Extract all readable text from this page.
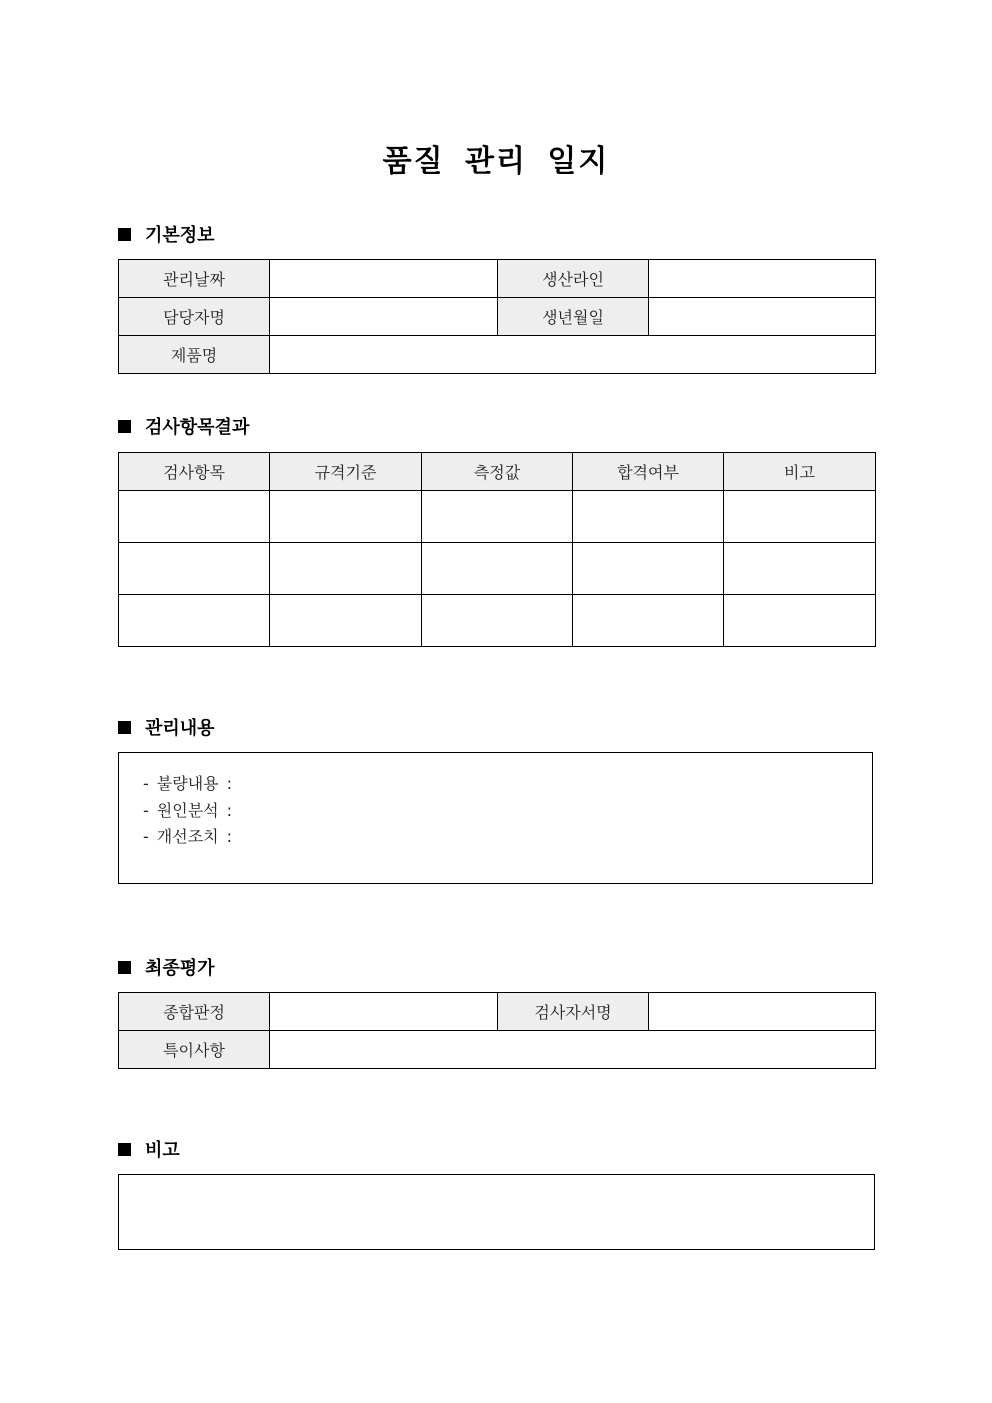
품질 관리 일지
기본정보
관리날짜		생산라인	
담당자명		생년월일	
제품명			
검사항목결과
검사항목	규격기준	측정값	합격여부	비고

관리내용
- 불량내용 :
- 원인분석 :
- 개선조치 :
최종평가
종합판정		검사자서명	
특이사항			
비고
